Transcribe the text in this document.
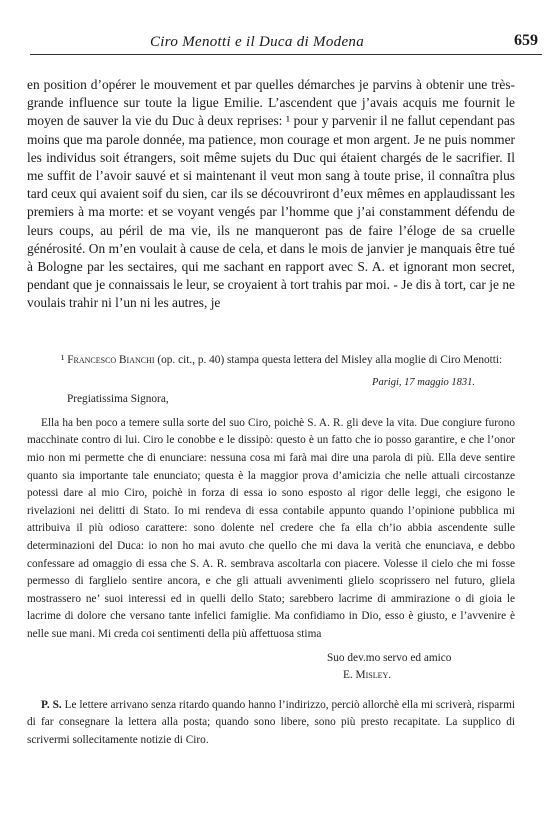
Ciro Menotti e il Duca di Modena	659

en position d’opérer le mouvement et par quelles démarches je parvins à obtenir une très-grande influence sur toute la ligue Emilie. L’ascendent que j’avais acquis me fournit le moyen de sauver la vie du Duc à deux reprises: ¹ pour y parvenir il ne fallut cependant pas moins que ma parole donnée, ma patience, mon courage et mon argent. Je ne puis nommer les individus soit étrangers, soit même sujets du Duc qui étaient chargés de le sacrifier. Il me suffit de l’avoir sauvé et si maintenant il veut mon sang à toute prise, il connaîtra plus tard ceux qui avaient soif du sien, car ils se découvriront d’eux mêmes en applaudissant les premiers à ma morte: et se voyant vengés par l’homme que j’ai constamment défendu de leurs coups, au péril de ma vie, ils ne manqueront pas de faire l’éloge de sa cruelle générosité. On m’en voulait à cause de cela, et dans le mois de janvier je manquais être tué à Bologne par les sectaires, qui me sachant en rapport avec S. A. et ignorant mon secret, pendant que je connaissais le leur, se croyaient à tort trahis par moi. - Je dis à tort, car je ne voulais trahir ni l’un ni les autres, je

¹ Francesco Bianchi (op. cit., p. 40) stampa questa lettera del Misley alla moglie di Ciro Menotti:

Parigi, 17 maggio 1831.
Pregiatissima Signora,

Ella ha ben poco a temere sulla sorte del suo Ciro, poichè S. A. R. gli deve la vita. Due congiure furono macchinate contro di lui. Ciro le conobbe e le dissipò: questo è un fatto che io posso garantire, e che l’onor mio non mi permette che di enunciare: nessuna cosa mi farà mai dire una parola di più. Ella deve sentire quanto sia importante tale enunciato; questa è la maggior prova d’amicizia che nelle attuali circostanze potessi dare al mio Ciro, poichè in forza di essa io sono esposto al rigor delle leggi, che esigono le rivelazioni nei delitti di Stato. Io mi rendeva di essa contabile appunto quando l’opinione pubblica mi attribuiva il più odioso carattere: sono dolente nel credere che fa ella ch’io abbia ascendente sulle determinazioni del Duca: io non ho mai avuto che quello che mi dava la verità che enunciava, e debbo confessare ad omaggio di essa che S. A. R. sembrava ascoltarla con piacere. Volesse il cielo che mi fosse permesso di farglielo sentire ancora, e che gli attuali avvenimenti glielo scoprissero nel futuro, gliela mostrassero ne’ suoi interessi ed in quelli dello Stato; sarebbero lacrime di ammirazione o di gioia le lacrime di dolore che versano tante infelici famiglie. Ma confidiamo in Dio, esso è giusto, e l’avvenire è nelle sue mani. Mi creda coi sentimenti della più affettuosa stima

Suo dev.mo servo ed amico
E. Misley.

P. S. Le lettere arrivano senza ritardo quando hanno l’indirizzo, perciò allorchè ella mi scriverà, risparmi di far consegnare la lettera alla posta; quando sono libere, sono più presto recapitate. La supplico di scrivermi sollecitamente notizie di Ciro.
